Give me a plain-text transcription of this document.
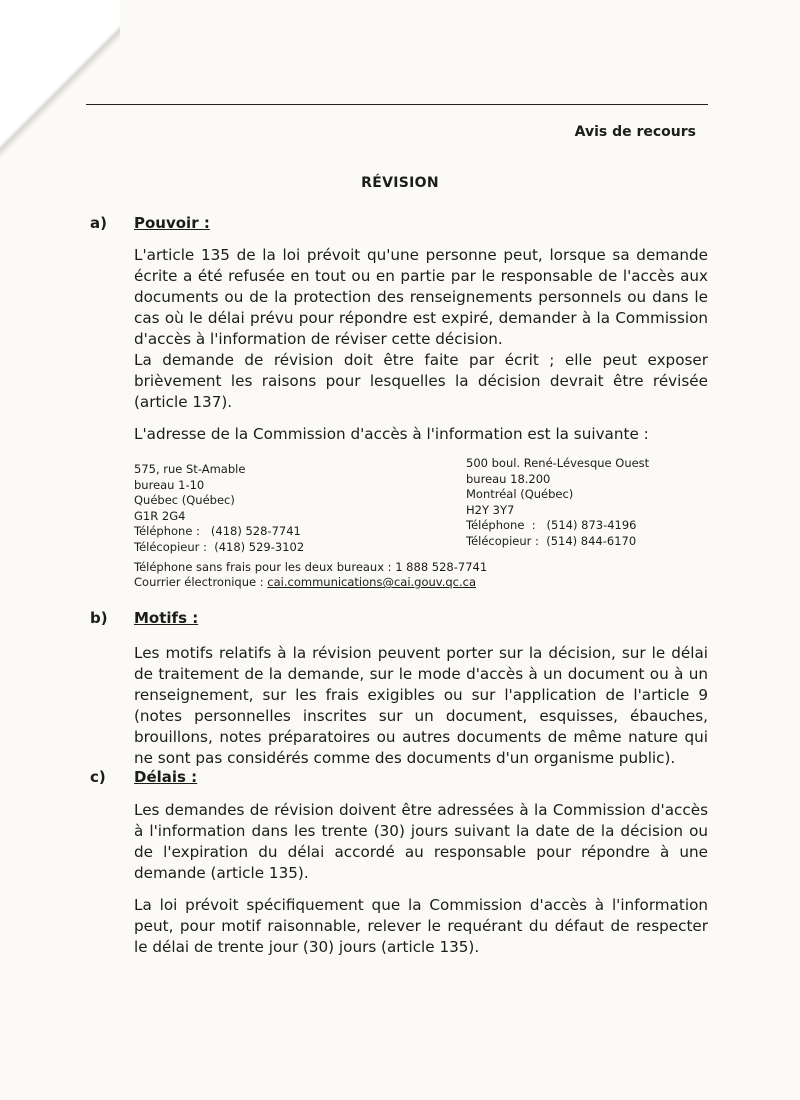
Avis de recours
RÉVISION
a) Pouvoir :
L'article 135 de la loi prévoit qu'une personne peut, lorsque sa demande écrite a été refusée en tout ou en partie par le responsable de l'accès aux documents ou de la protection des renseignements personnels ou dans le cas où le délai prévu pour répondre est expiré, demander à la Commission d'accès à l'information de réviser cette décision.
La demande de révision doit être faite par écrit ; elle peut exposer brièvement les raisons pour lesquelles la décision devrait être révisée (article 137).
L'adresse de la Commission d'accès à l'information est la suivante :
575, rue St-Amable
bureau 1-10
Québec (Québec)
G1R 2G4
Téléphone :   (418) 528-7741
Télécopieur :  (418) 529-3102
500 boul. René-Lévesque Ouest
bureau 18.200
Montréal (Québec)
H2Y 3Y7
Téléphone  :   (514) 873-4196
Télécopieur :  (514) 844-6170
Téléphone sans frais pour les deux bureaux : 1 888 528-7741
Courrier électronique : cai.communications@cai.gouv.qc.ca
b) Motifs :
Les motifs relatifs à la révision peuvent porter sur la décision, sur le délai de traitement de la demande, sur le mode d'accès à un document ou à un renseignement, sur les frais exigibles ou sur l'application de l'article 9 (notes personnelles inscrites sur un document, esquisses, ébauches, brouillons, notes préparatoires ou autres documents de même nature qui ne sont pas considérés comme des documents d'un organisme public).
c) Délais :
Les demandes de révision doivent être adressées à la Commission d'accès à l'information dans les trente (30) jours suivant la date de la décision ou de l'expiration du délai accordé au responsable pour répondre à une demande (article 135).
La loi prévoit spécifiquement que la Commission d'accès à l'information peut, pour motif raisonnable, relever le requérant du défaut de respecter le délai de trente jour (30) jours (article 135).
